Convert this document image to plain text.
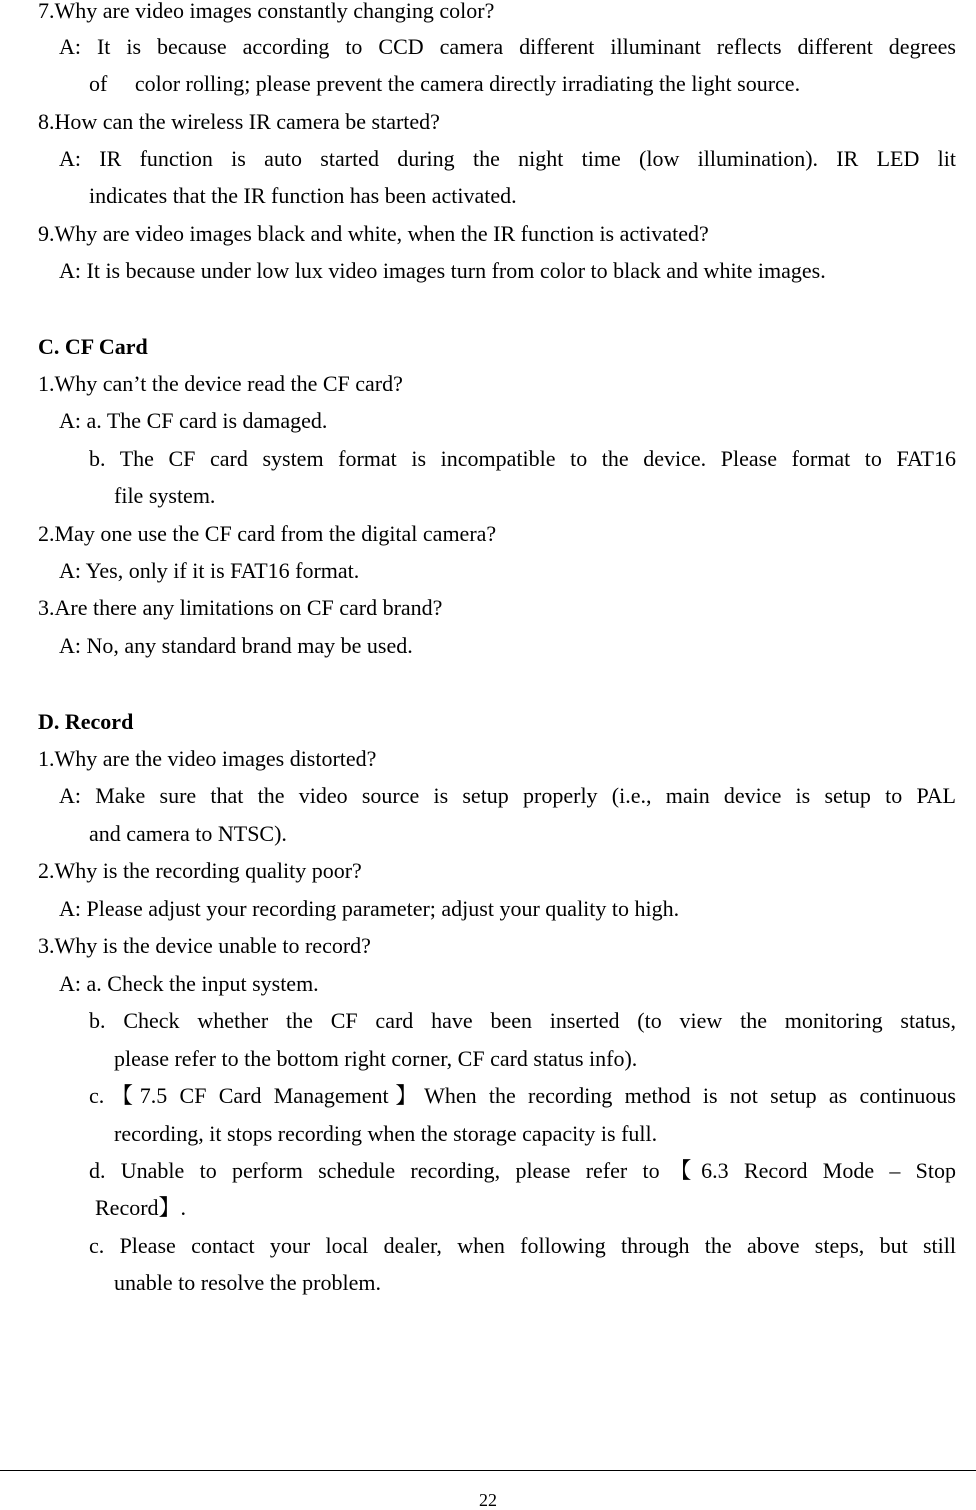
7.Why are video images constantly changing color?
A: It is because according to CCD camera different illuminant reflects different degrees
of     color rolling; please prevent the camera directly irradiating the light source.
8.How can the wireless IR camera be started?
A: IR function is auto started during the night time (low illumination). IR LED lit
indicates that the IR function has been activated.
9.Why are video images black and white, when the IR function is activated?
A: It is because under low lux video images turn from color to black and white images.
C. CF Card
1.Why can’t the device read the CF card?
A: a. The CF card is damaged.
b. The CF card system format is incompatible to the device. Please format to FAT16
file system.
2.May one use the CF card from the digital camera?
A: Yes, only if it is FAT16 format.
3.Are there any limitations on CF card brand?
A: No, any standard brand may be used.
D. Record
1.Why are the video images distorted?
A: Make sure that the video source is setup properly (i.e., main device is setup to PAL
and camera to NTSC).
2.Why is the recording quality poor?
A: Please adjust your recording parameter; adjust your quality to high.
3.Why is the device unable to record?
A: a. Check the input system.
b. Check whether the CF card have been inserted (to view the monitoring status,
please refer to the bottom right corner, CF card status info).
c.【7.5 CF Card Management】When the recording method is not setup as continuous
recording, it stops recording when the storage capacity is full.
d. Unable to perform schedule recording, please refer to【6.3 Record Mode – Stop
Record】.
c. Please contact your local dealer, when following through the above steps, but still
unable to resolve the problem.
22
